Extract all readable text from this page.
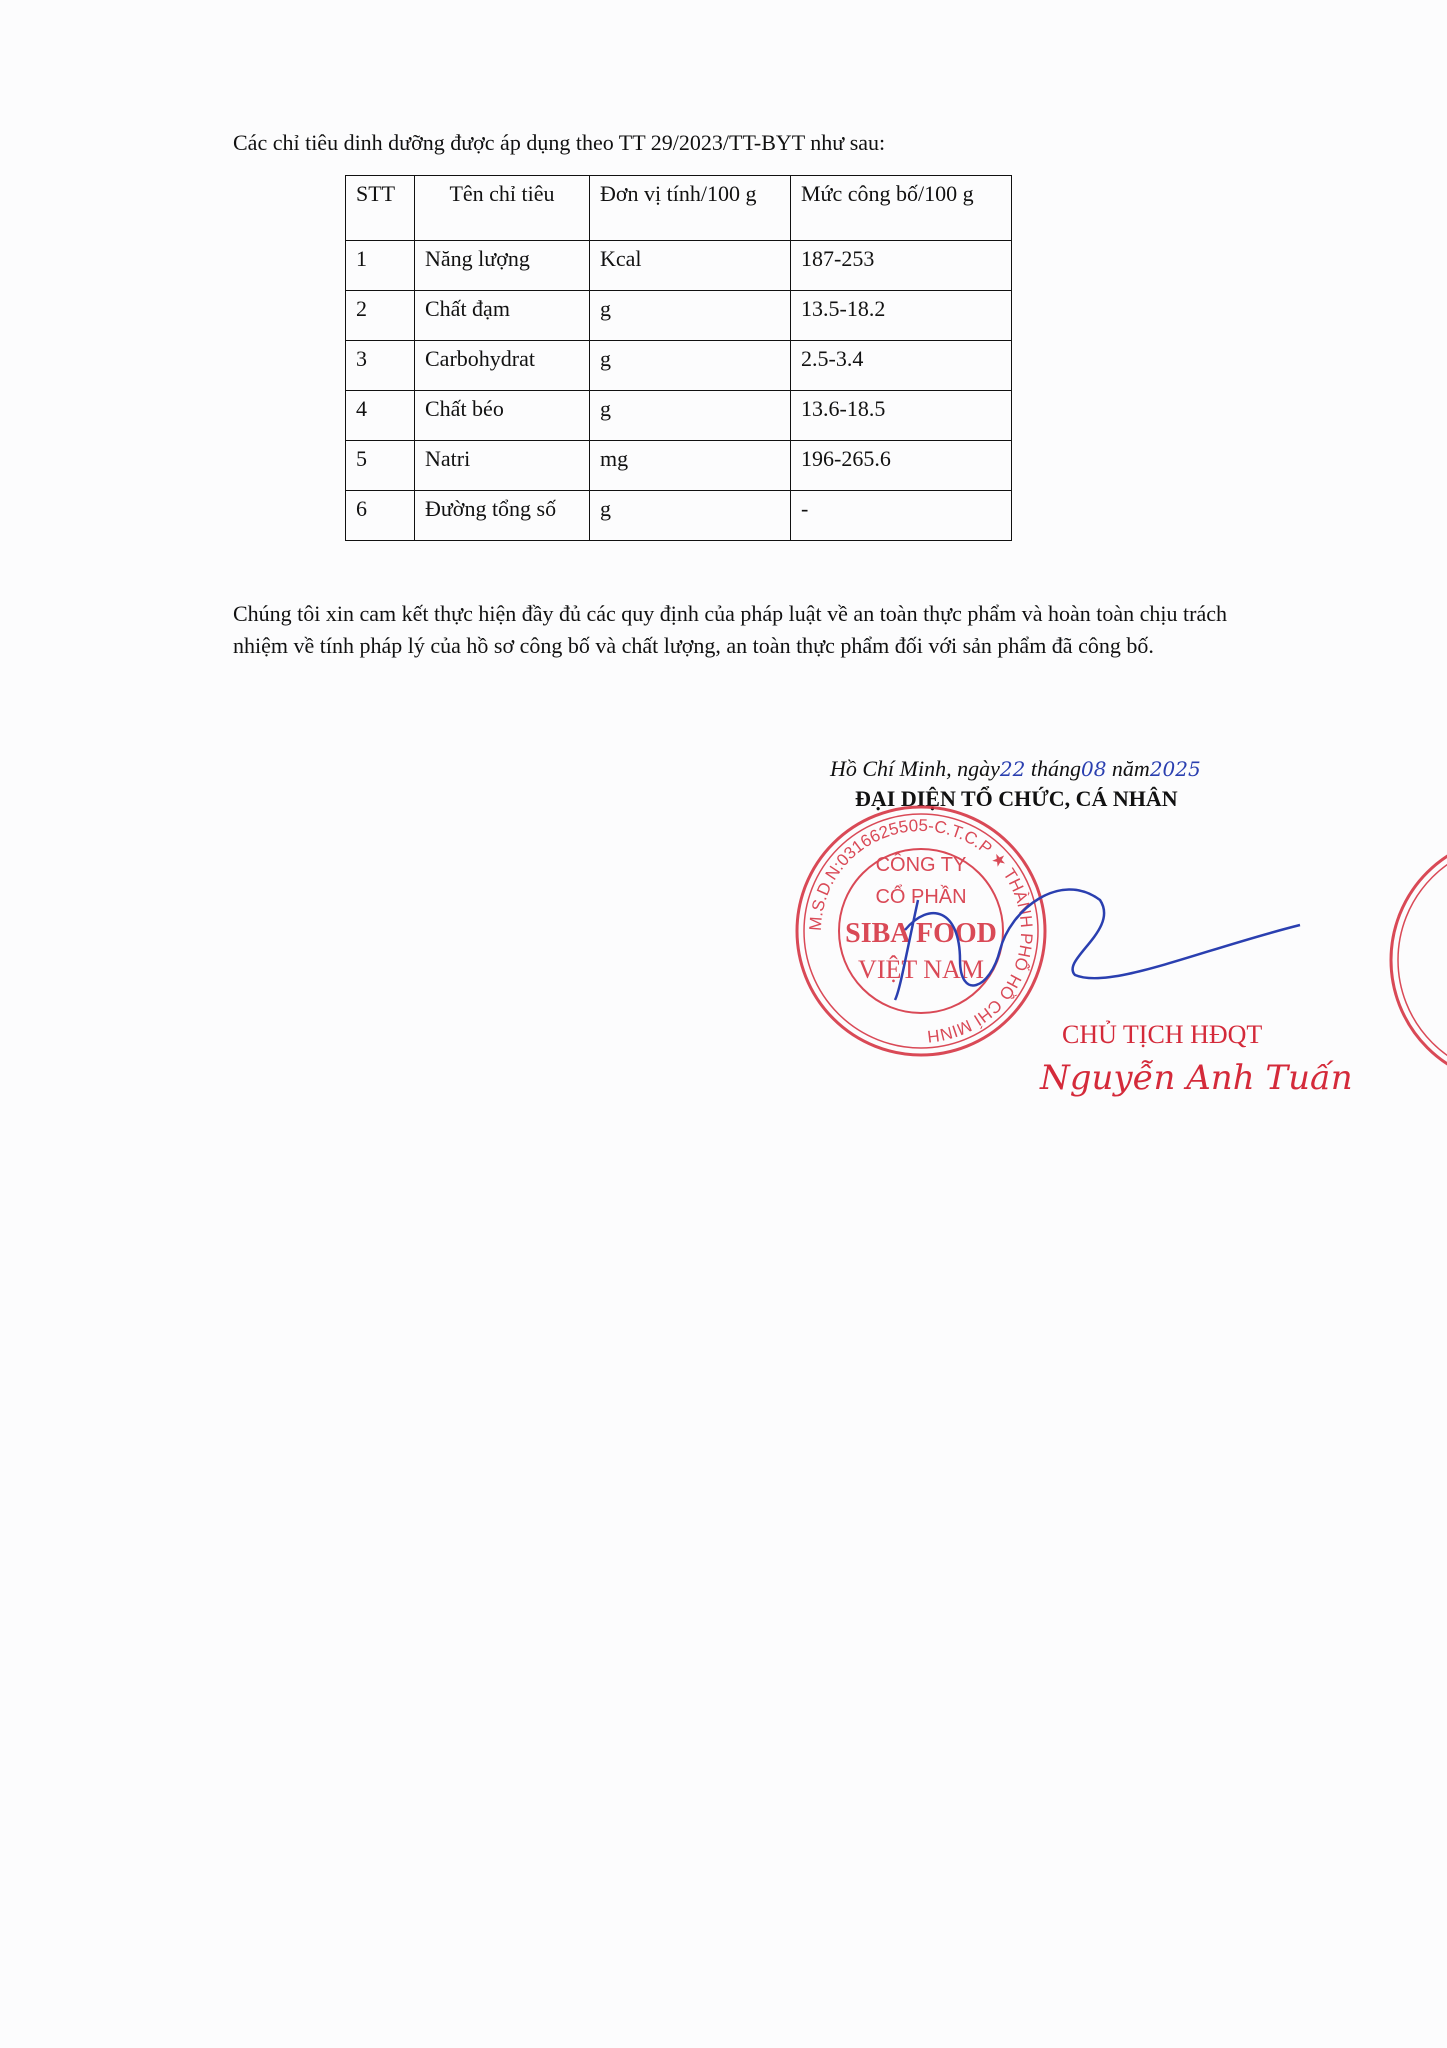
Các chỉ tiêu dinh dưỡng được áp dụng theo TT 29/2023/TT-BYT như sau:
STT	Tên chỉ tiêu	Đơn vị tính/100 g	Mức công bố/100 g
1	Năng lượng	Kcal	187-253
2	Chất đạm	g	13.5-18.2
3	Carbohydrat	g	2.5-3.4
4	Chất béo	g	13.6-18.5
5	Natri	mg	196-265.6
6	Đường tổng số	g	-
Chúng tôi xin cam kết thực hiện đầy đủ các quy định của pháp luật về an toàn thực phẩm và hoàn toàn chịu trách nhiệm về tính pháp lý của hồ sơ công bố và chất lượng, an toàn thực phẩm đối với sản phẩm đã công bố.
Hồ Chí Minh, ngày22 tháng08 năm2025
ĐẠI DIỆN TỔ CHỨC, CÁ NHÂN
M.S.D.N:0316625505-C.T.C.P ★ THÀNH PHỐ HỒ CHÍ MINH
CÔNG TY
CỔ PHẦN
SIBA FOOD
VIỆT NAM
CHỦ TỊCH HĐQT
Nguyễn Anh Tuấn
